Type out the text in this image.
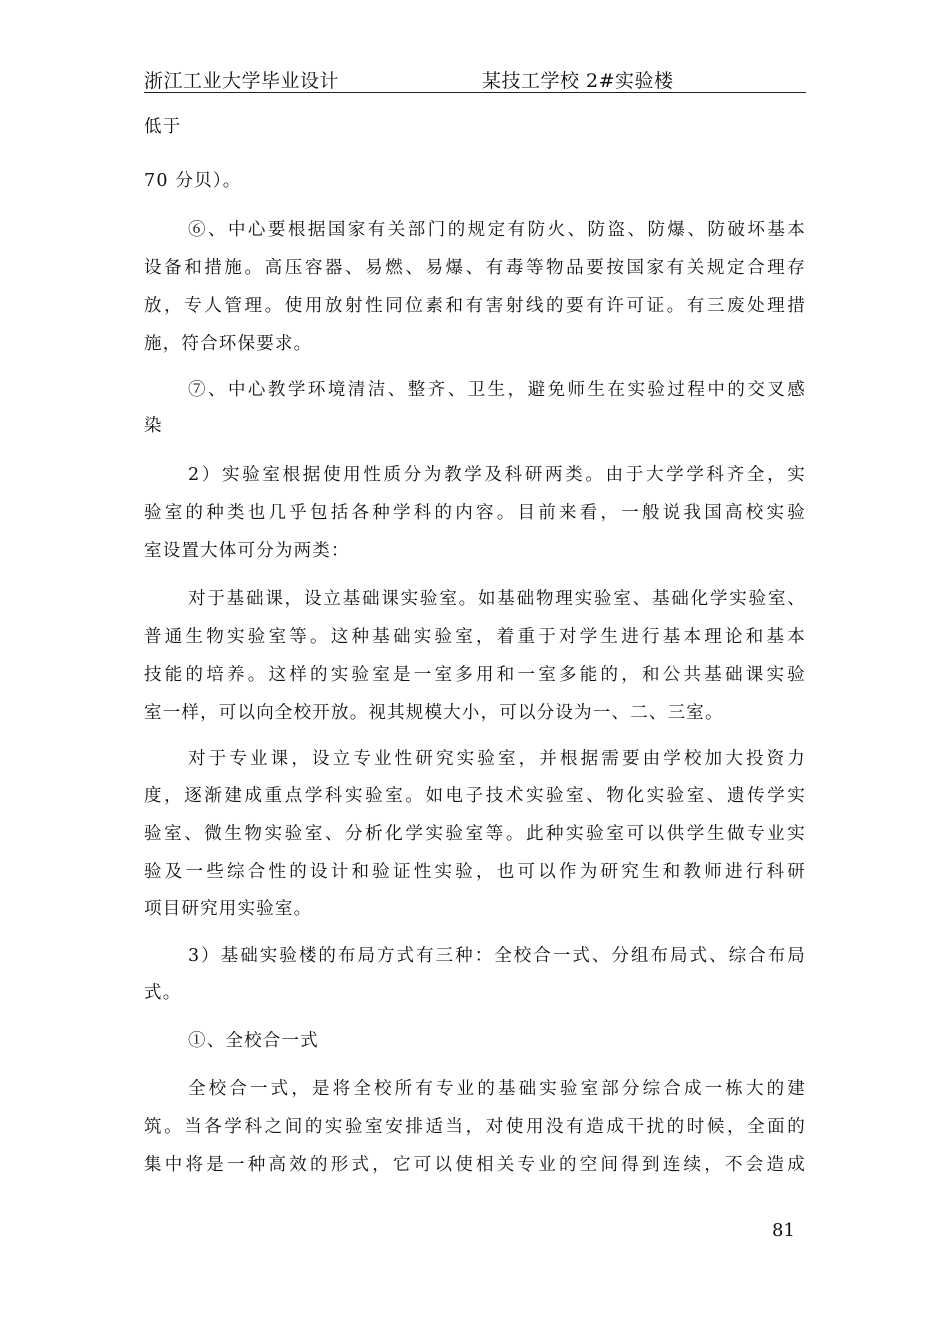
浙江工业大学毕业设计	某技工学校 2#实验楼
低于
70 分贝）。
⑥、中心要根据国家有关部门的规定有防火、防盗、防爆、防破坏基本
设备和措施。高压容器、易燃、易爆、有毒等物品要按国家有关规定合理存
放，专人管理。使用放射性同位素和有害射线的要有许可证。有三废处理措
施，符合环保要求。
⑦、中心教学环境清洁、整齐、卫生，避免师生在实验过程中的交叉感
染
2）实验室根据使用性质分为教学及科研两类。由于大学学科齐全，实
验室的种类也几乎包括各种学科的内容。目前来看，一般说我国高校实验
室设置大体可分为两类：
对于基础课，设立基础课实验室。如基础物理实验室、基础化学实验室、
普通生物实验室等。这种基础实验室，着重于对学生进行基本理论和基本
技能的培养。这样的实验室是一室多用和一室多能的，和公共基础课实验
室一样，可以向全校开放。视其规模大小，可以分设为一、二、三室。
对于专业课，设立专业性研究实验室，并根据需要由学校加大投资力
度，逐渐建成重点学科实验室。如电子技术实验室、物化实验室、遗传学实
验室、微生物实验室、分析化学实验室等。此种实验室可以供学生做专业实
验及一些综合性的设计和验证性实验，也可以作为研究生和教师进行科研
项目研究用实验室。
3）基础实验楼的布局方式有三种：全校合一式、分组布局式、综合布局
式。
①、全校合一式
全校合一式，是将全校所有专业的基础实验室部分综合成一栋大的建
筑。当各学科之间的实验室安排适当，对使用没有造成干扰的时候，全面的
集中将是一种高效的形式，它可以使相关专业的空间得到连续，不会造成
81
